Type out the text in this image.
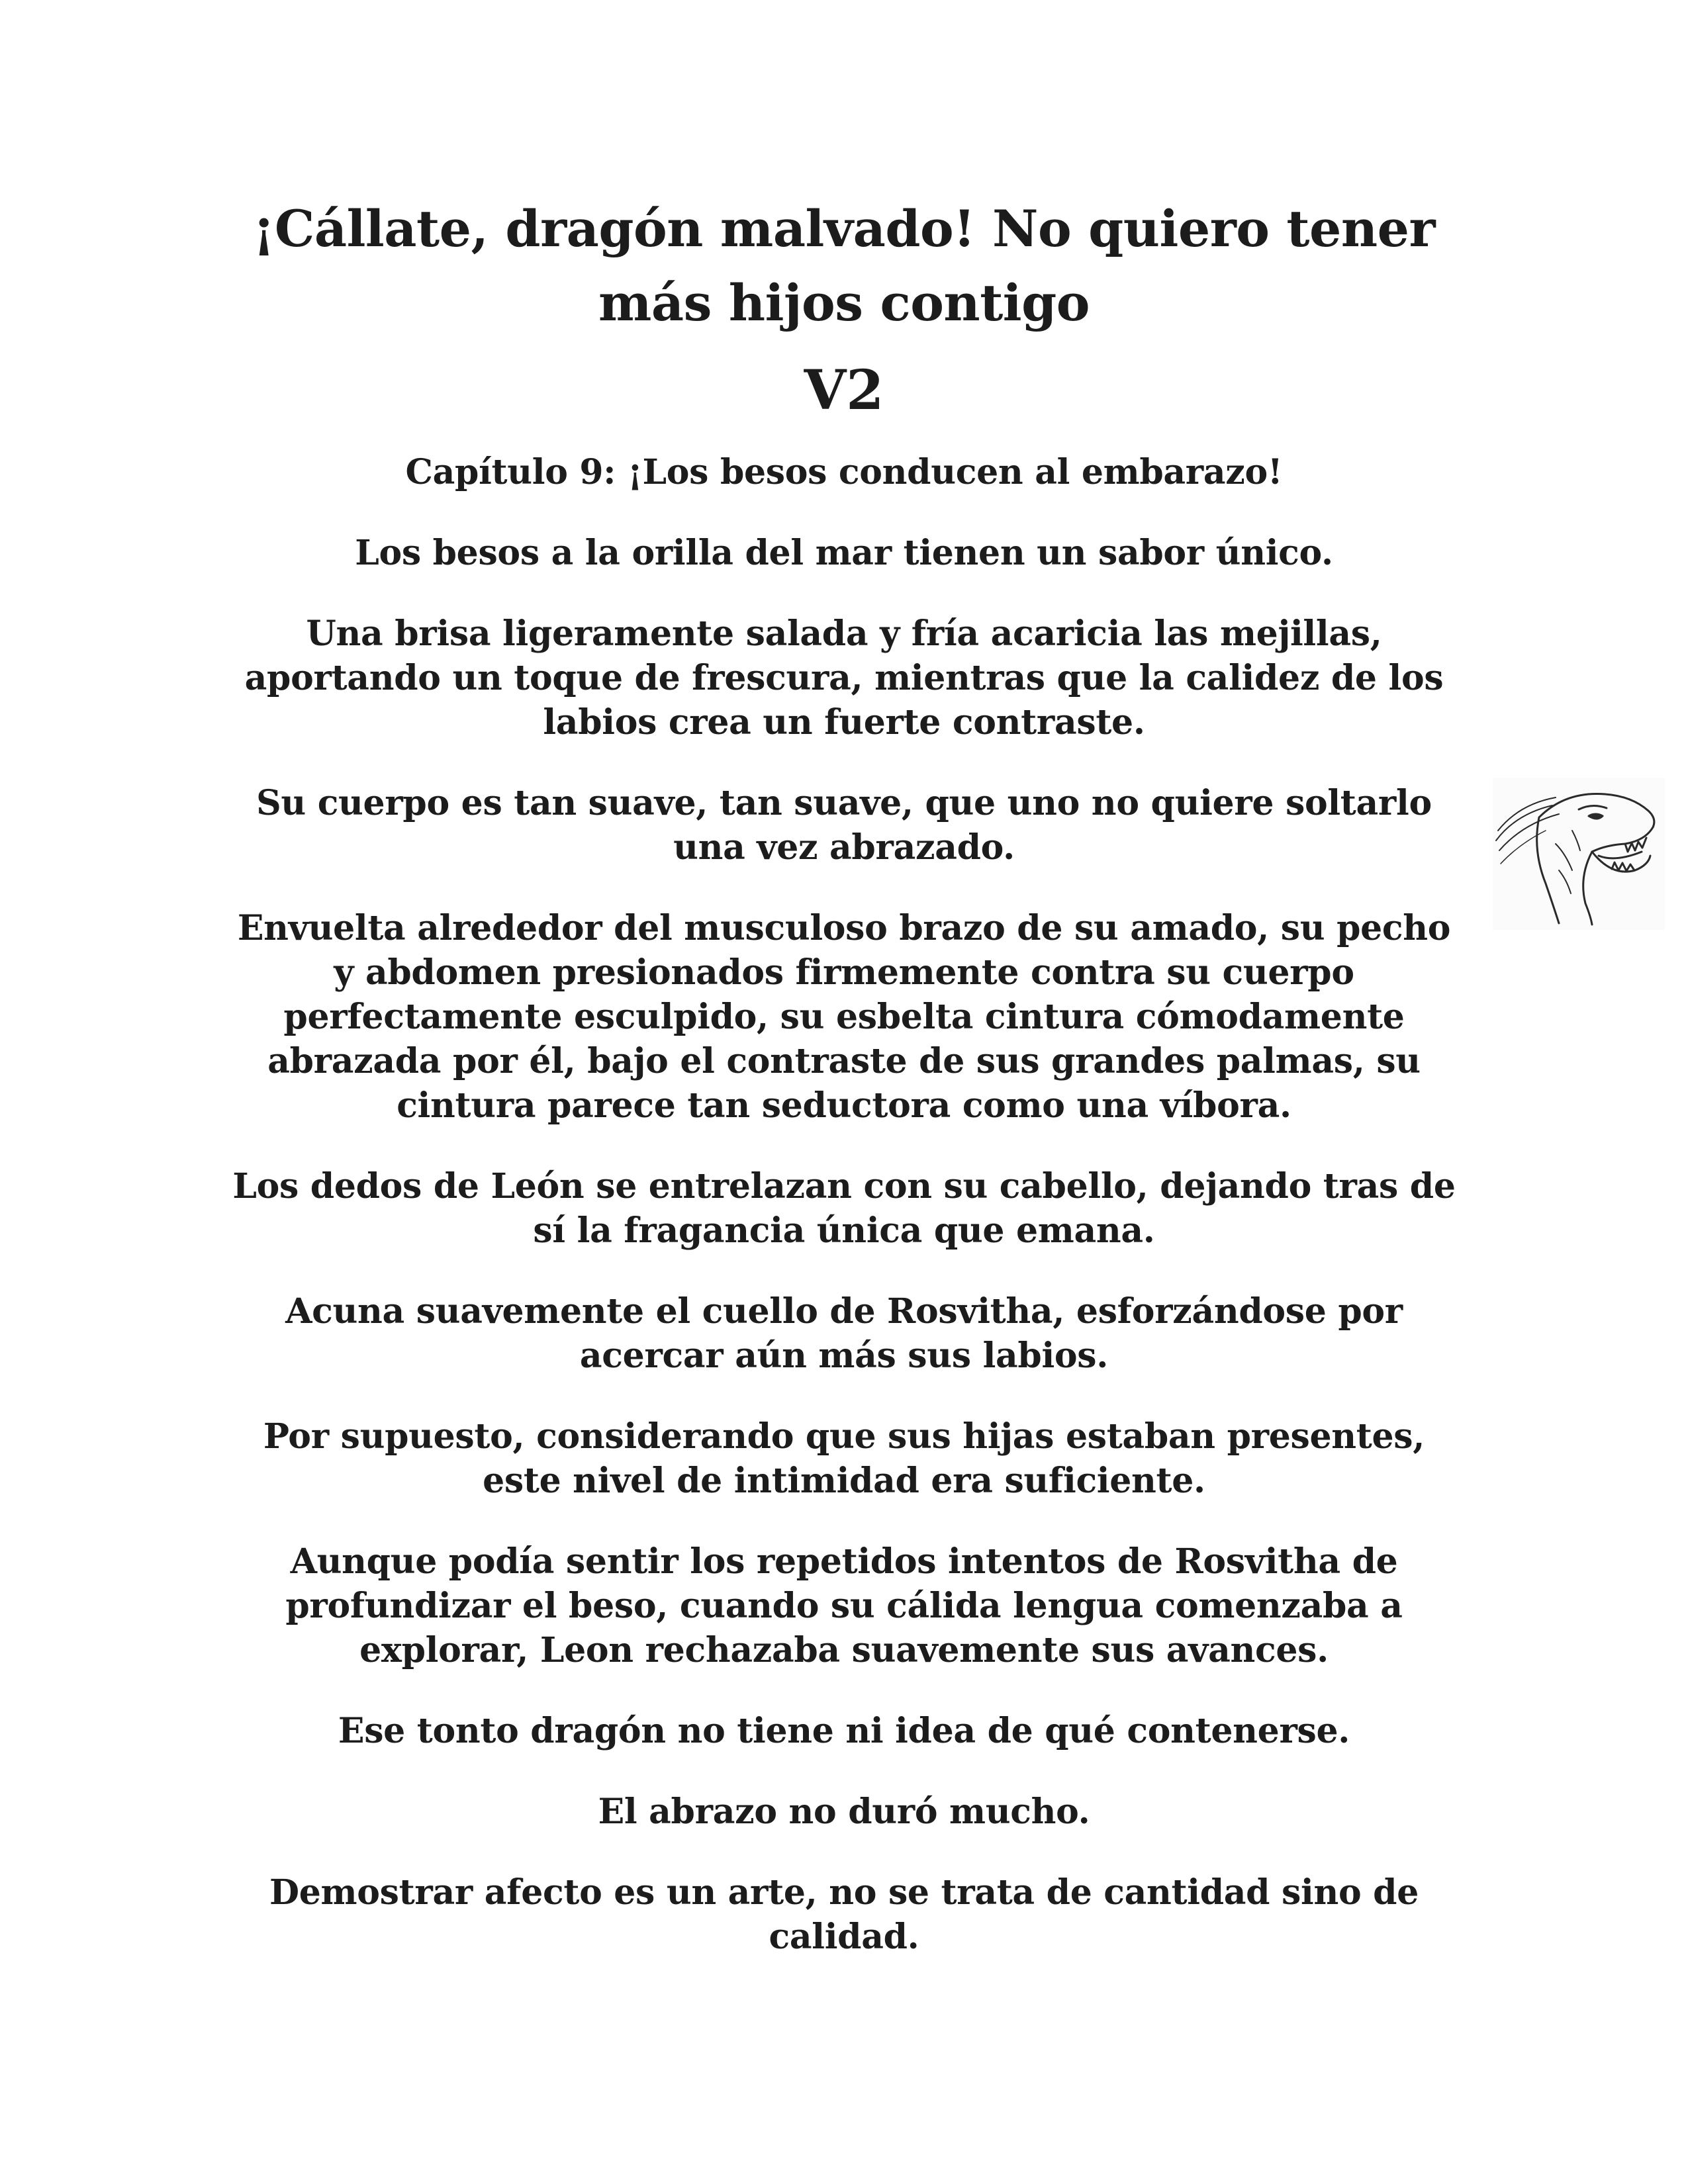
¡Cállate, dragón malvado! No quiero tener más hijos contigo
V2

Capítulo 9: ¡Los besos conducen al embarazo!

Los besos a la orilla del mar tienen un sabor único.

Una brisa ligeramente salada y fría acaricia las mejillas, aportando un toque de frescura, mientras que la calidez de los labios crea un fuerte contraste.

Su cuerpo es tan suave, tan suave, que uno no quiere soltarlo una vez abrazado.

Envuelta alrededor del musculoso brazo de su amado, su pecho y abdomen presionados firmemente contra su cuerpo perfectamente esculpido, su esbelta cintura cómodamente abrazada por él, bajo el contraste de sus grandes palmas, su cintura parece tan seductora como una víbora.

Los dedos de León se entrelazan con su cabello, dejando tras de sí la fragancia única que emana.

Acuna suavemente el cuello de Rosvitha, esforzándose por acercar aún más sus labios.

Por supuesto, considerando que sus hijas estaban presentes, este nivel de intimidad era suficiente.

Aunque podía sentir los repetidos intentos de Rosvitha de profundizar el beso, cuando su cálida lengua comenzaba a explorar, Leon rechazaba suavemente sus avances.

Ese tonto dragón no tiene ni idea de qué contenerse.

El abrazo no duró mucho.

Demostrar afecto es un arte, no se trata de cantidad sino de calidad.
